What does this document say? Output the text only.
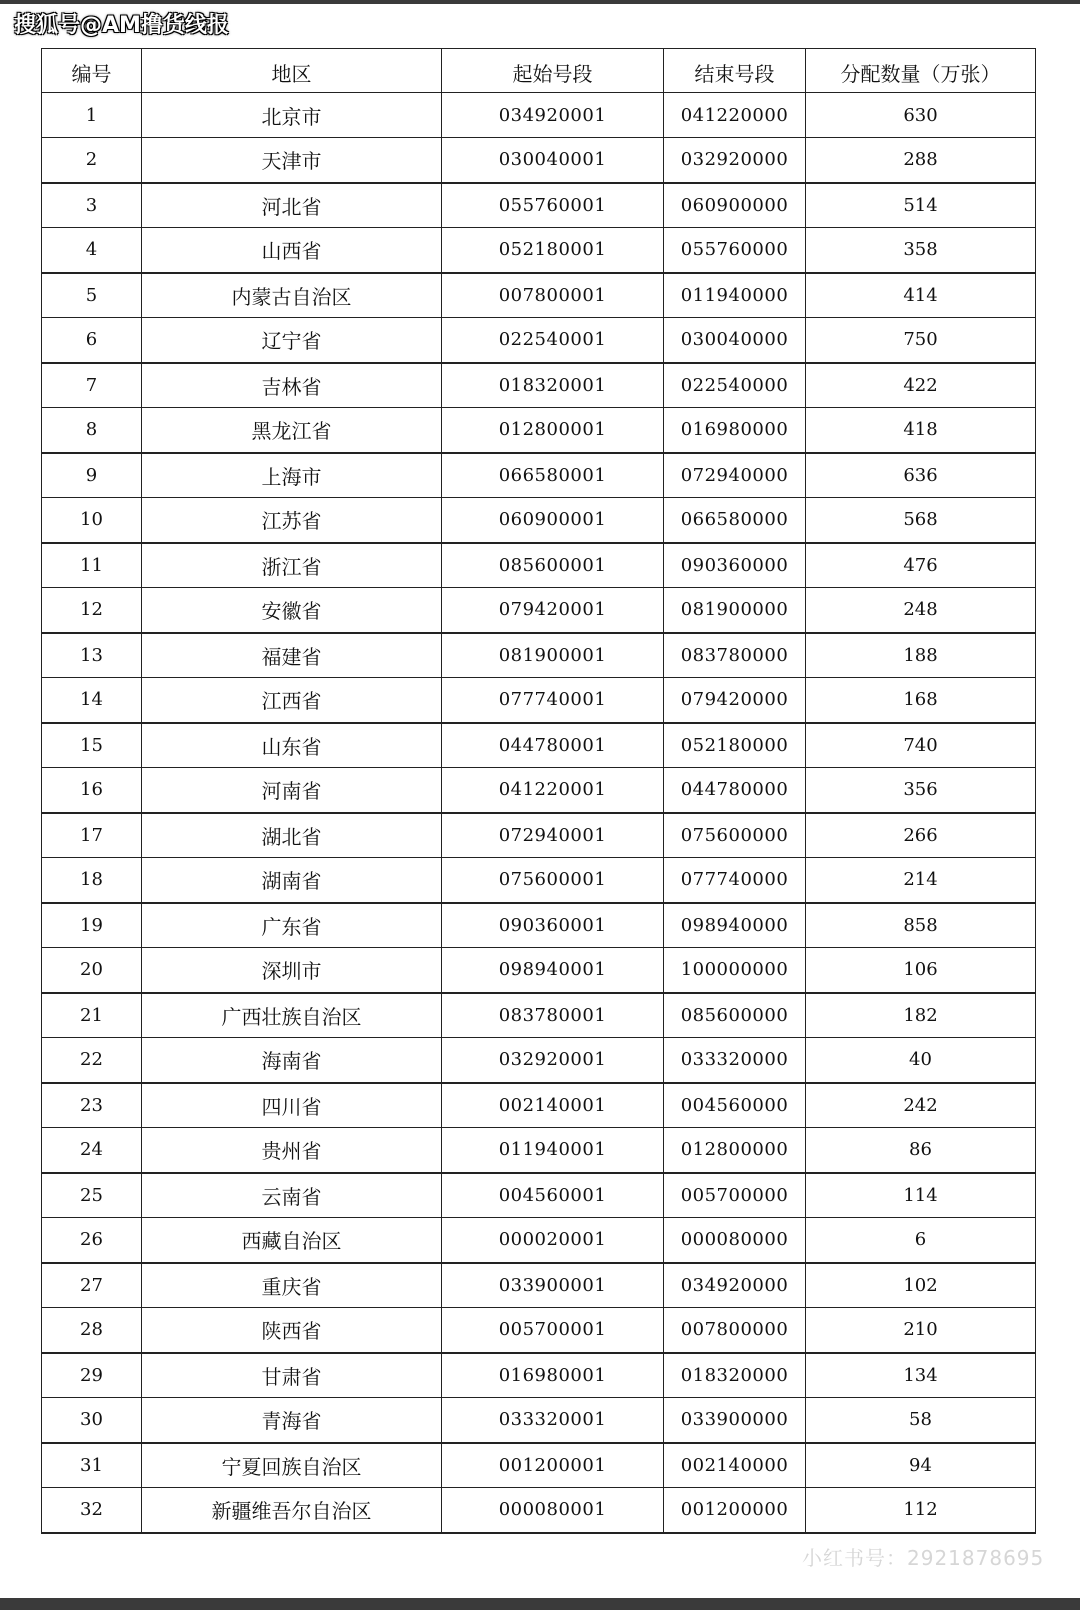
搜狐号@AM撸货线报
编号	地区	起始号段	结束号段	分配数量（万张）
1	北京市	034920001	041220000	630
2	天津市	030040001	032920000	288
3	河北省	055760001	060900000	514
4	山西省	052180001	055760000	358
5	内蒙古自治区	007800001	011940000	414
6	辽宁省	022540001	030040000	750
7	吉林省	018320001	022540000	422
8	黑龙江省	012800001	016980000	418
9	上海市	066580001	072940000	636
10	江苏省	060900001	066580000	568
11	浙江省	085600001	090360000	476
12	安徽省	079420001	081900000	248
13	福建省	081900001	083780000	188
14	江西省	077740001	079420000	168
15	山东省	044780001	052180000	740
16	河南省	041220001	044780000	356
17	湖北省	072940001	075600000	266
18	湖南省	075600001	077740000	214
19	广东省	090360001	098940000	858
20	深圳市	098940001	100000000	106
21	广西壮族自治区	083780001	085600000	182
22	海南省	032920001	033320000	40
23	四川省	002140001	004560000	242
24	贵州省	011940001	012800000	86
25	云南省	004560001	005700000	114
26	西藏自治区	000020001	000080000	6
27	重庆省	033900001	034920000	102
28	陕西省	005700001	007800000	210
29	甘肃省	016980001	018320000	134
30	青海省	033320001	033900000	58
31	宁夏回族自治区	001200001	002140000	94
32	新疆维吾尔自治区	000080001	001200000	112
小红书号：2921878695
